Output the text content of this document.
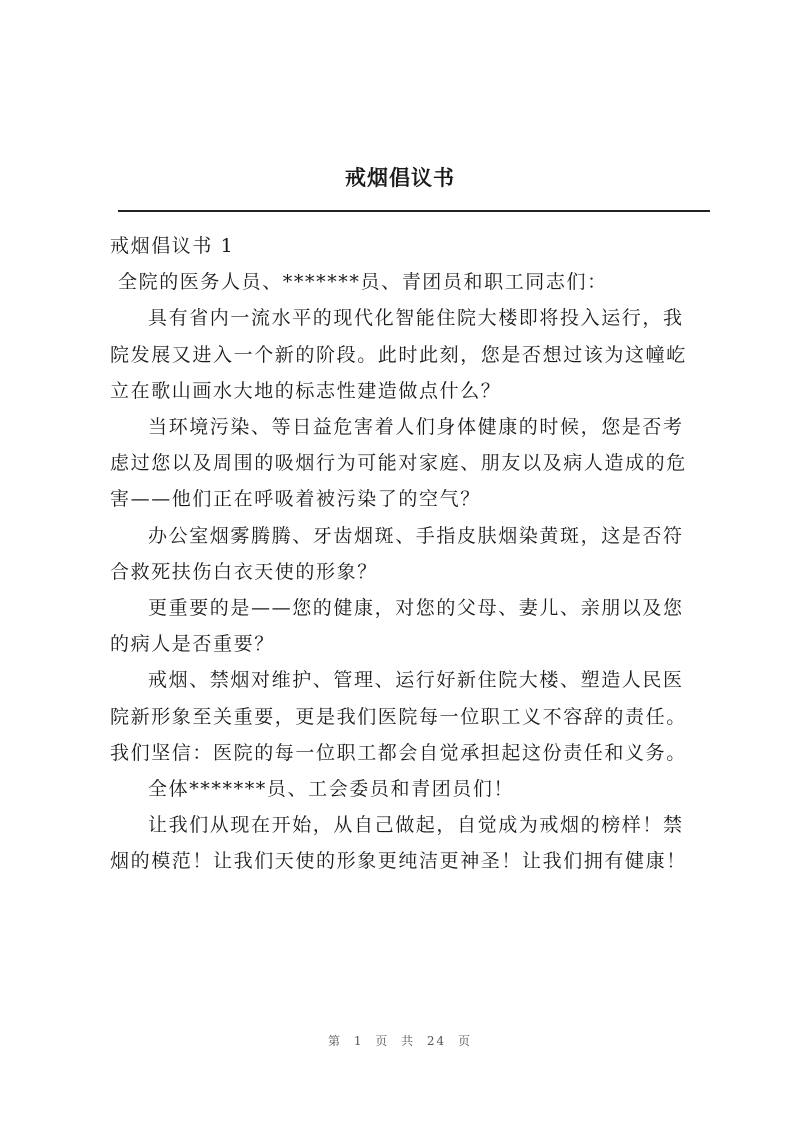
戒烟倡议书
戒烟倡议书 1
全院的医务人员、*******员、青团员和职工同志们：
具有省内一流水平的现代化智能住院大楼即将投入运行，我
院发展又进入一个新的阶段。此时此刻，您是否想过该为这幢屹
立在歌山画水大地的标志性建造做点什么？
当环境污染、等日益危害着人们身体健康的时候，您是否考
虑过您以及周围的吸烟行为可能对家庭、朋友以及病人造成的危
害——他们正在呼吸着被污染了的空气？
办公室烟雾腾腾、牙齿烟斑、手指皮肤烟染黄斑，这是否符
合救死扶伤白衣天使的形象？
更重要的是——您的健康，对您的父母、妻儿、亲朋以及您
的病人是否重要？
戒烟、禁烟对维护、管理、运行好新住院大楼、塑造人民医
院新形象至关重要，更是我们医院每一位职工义不容辞的责任。
我们坚信：医院的每一位职工都会自觉承担起这份责任和义务。
全体*******员、工会委员和青团员们！
让我们从现在开始，从自己做起，自觉成为戒烟的榜样！禁
烟的模范！让我们天使的形象更纯洁更神圣！让我们拥有健康！
第 1 页 共 24 页
